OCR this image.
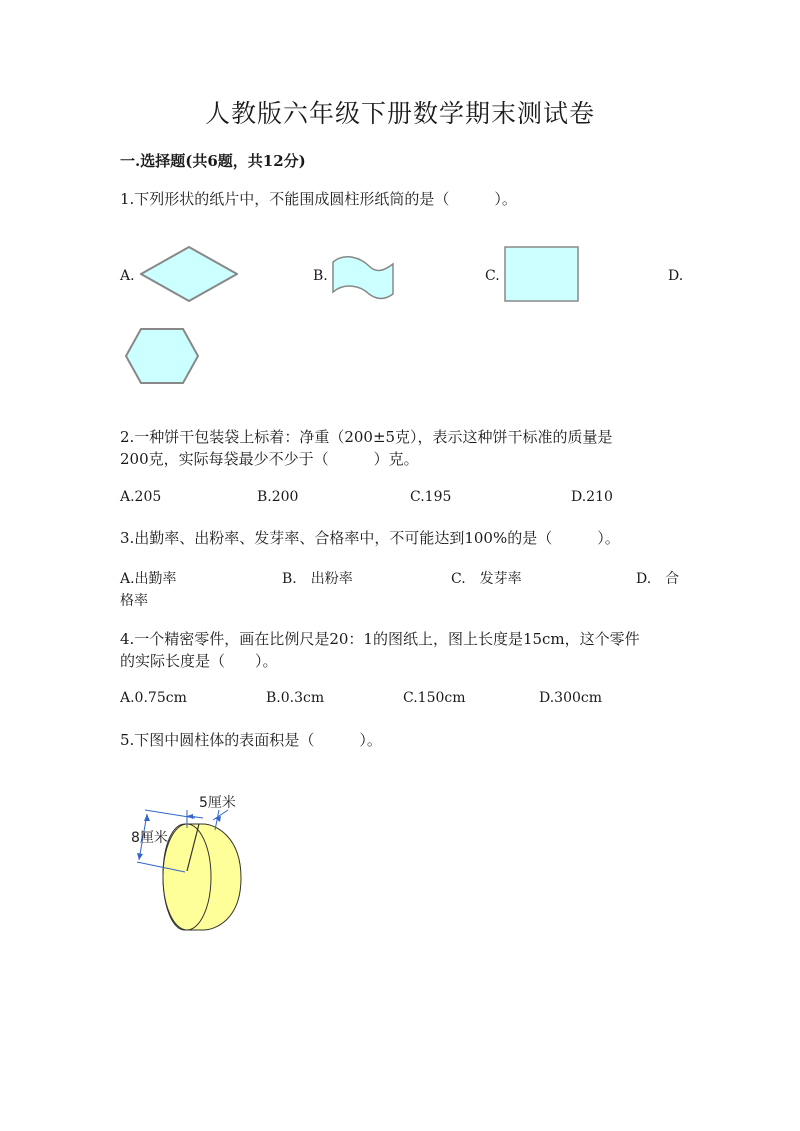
人教版六年级下册数学期末测试卷
一.选择题(共6题，共12分)
1.下列形状的纸片中，不能围成圆柱形纸筒的是（　　　）。
A.	B.	C.	D.
2.一种饼干包装袋上标着：净重（200±5克），表示这种饼干标准的质量是
200克，实际每袋最少不少于（　　　）克。
A.205	B.200	C.195	D.210
3.出勤率、出粉率、发芽率、合格率中，不可能达到100%的是（　　　）。
A.出勤率	B.　出粉率	C.　发芽率	D.　合
格率
4.一个精密零件，画在比例尺是20：1的图纸上，图上长度是15cm，这个零件
的实际长度是（　　）。
A.0.75cm	B.0.3cm	C.150cm	D.300cm
5.下图中圆柱体的表面积是（　　　）。
5厘米
8厘米
